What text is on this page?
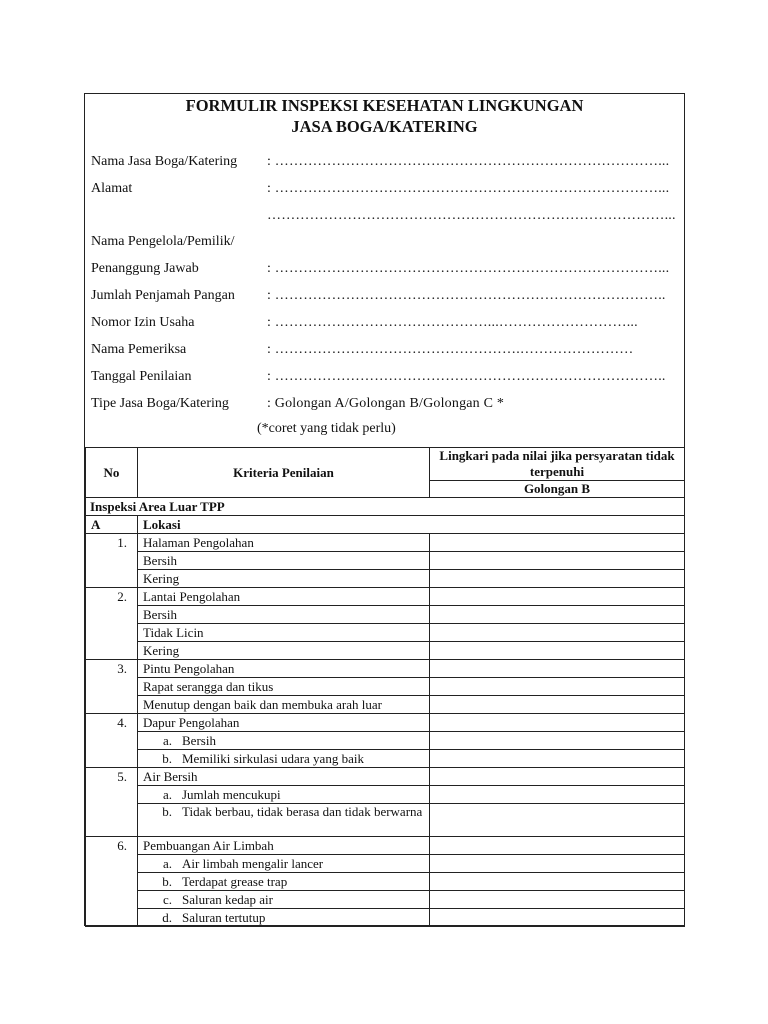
FORMULIR INSPEKSI KESEHATAN LINGKUNGAN
JASA BOGA/KATERING
Nama Jasa Boga/Katering : ………………………………………………………………………...
Alamat	: ………………………………………………………………………...
…………………………………………………………………………...
Nama Pengelola/Pemilik/
Penanggung Jawab	: ………………………………………………………………………...
Jumlah Penjamah Pangan : ………………………………………………………………………..
Nomor Izin Usaha	: ………………………………………...………………………...
Nama Pemeriksa	: …………………………………………….……………………
Tanggal Penilaian	: ………………………………………………………………………..
Tipe Jasa Boga/Katering	: Golongan A/Golongan B/Golongan C *
(*coret yang tidak perlu)
No	Kriteria Penilaian	Lingkari pada nilai jika persyaratan tidak terpenuhi
		Golongan B
Inspeksi Area Luar TPP		
A	Lokasi	
1.	Halaman Pengolahan	
	Bersih	
	Kering	
2.	Lantai Pengolahan	
	Bersih	
	Tidak Licin	
	Kering	
3.	Pintu Pengolahan	
	Rapat serangga dan tikus	
	Menutup dengan baik dan membuka arah luar	
4.	Dapur Pengolahan	
	a. Bersih	
	b. Memiliki sirkulasi udara yang baik	
5.	Air Bersih	
	a. Jumlah mencukupi	

	b. Tidak berbau, tidak berasa dan tidak berwarna	

6.	Pembuangan Air Limbah	
	a. Air limbah mengalir lancer	
	b. Terdapat grease trap	
	c. Saluran kedap air	
	d. Saluran tertutup	
